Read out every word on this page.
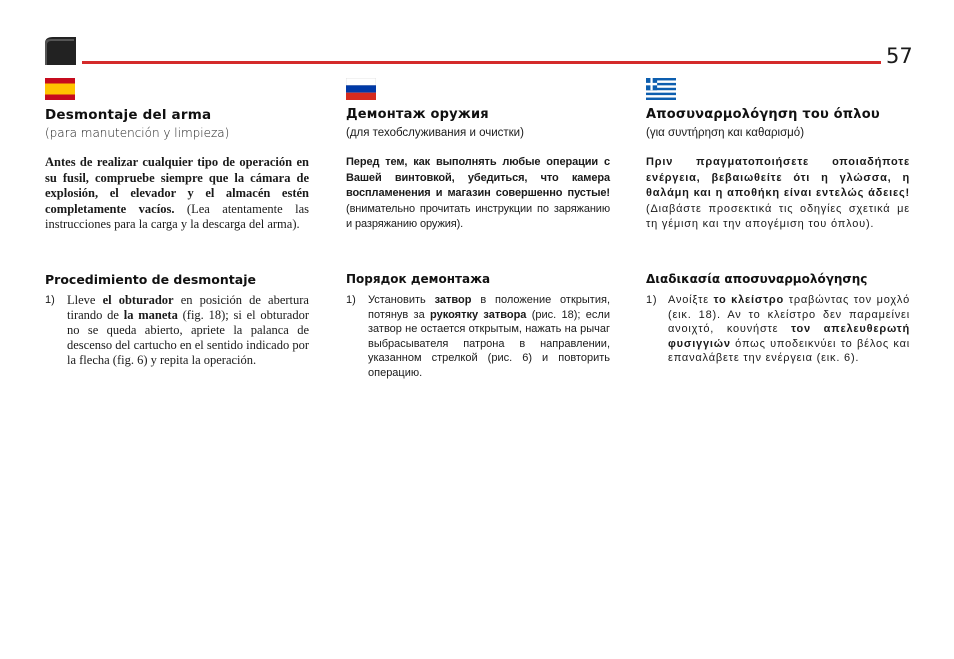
57
Desmontaje del arma
(para manutención y limpieza)
Antes de realizar cualquier tipo de operación en su fusil, compruebe siempre que la cámara de explosión, el elevador y el almacén estén completamente vacíos. (Lea atentamente las instrucciones para la carga y la descarga del arma).
Procedimiento de desmontaje
1) Lleve el obturador en posición de abertura tirando de la maneta (fig. 18); si el obturador no se queda abierto, apriete la palanca de descenso del cartucho en el sentido indicado por la flecha (fig. 6) y repita la operación.
Демонтаж оружия
(для техобслуживания и очистки)
Перед тем, как выполнять любые операции с Вашей винтовкой, убедиться, что камера воспламенения и магазин совершенно пустые! (внимательно прочитать инструкции по заряжанию и разряжанию оружия).
Порядок демонтажа
1)	Установить затвор в положение открытия, потянув за рукоятку затвора (рис. 18); если затвор не остается открытым, нажать на рычаг выбрасывателя патрона в направлении, указанном стрелкой (рис. 6) и повторить операцию.
Αποσυναρμολόγηση του όπλου
(για συντήρηση και καθαρισμό)
Πριν πραγματοποιήσετε οποιαδήποτε ενέργεια, βεβαιωθείτε ότι η γλώσσα, η θαλάμη και η αποθήκη είναι εντελώς άδειες! (Διαβάστε προσεκτικά τις οδηγίες σχετικά με τη γέμιση και την απογέμιση του όπλου).
Διαδικασία αποσυναρμολόγησης
1) Ανοίξτε το κλείστρο τραβώντας τον μοχλό (εικ. 18). Αν το κλείστρο δεν παραμείνει ανοιχτό, κουνήστε τον απελευθερωτή φυσιγγιών όπως υποδεικνύει το βέλος και επαναλάβετε την ενέργεια (εικ. 6).
